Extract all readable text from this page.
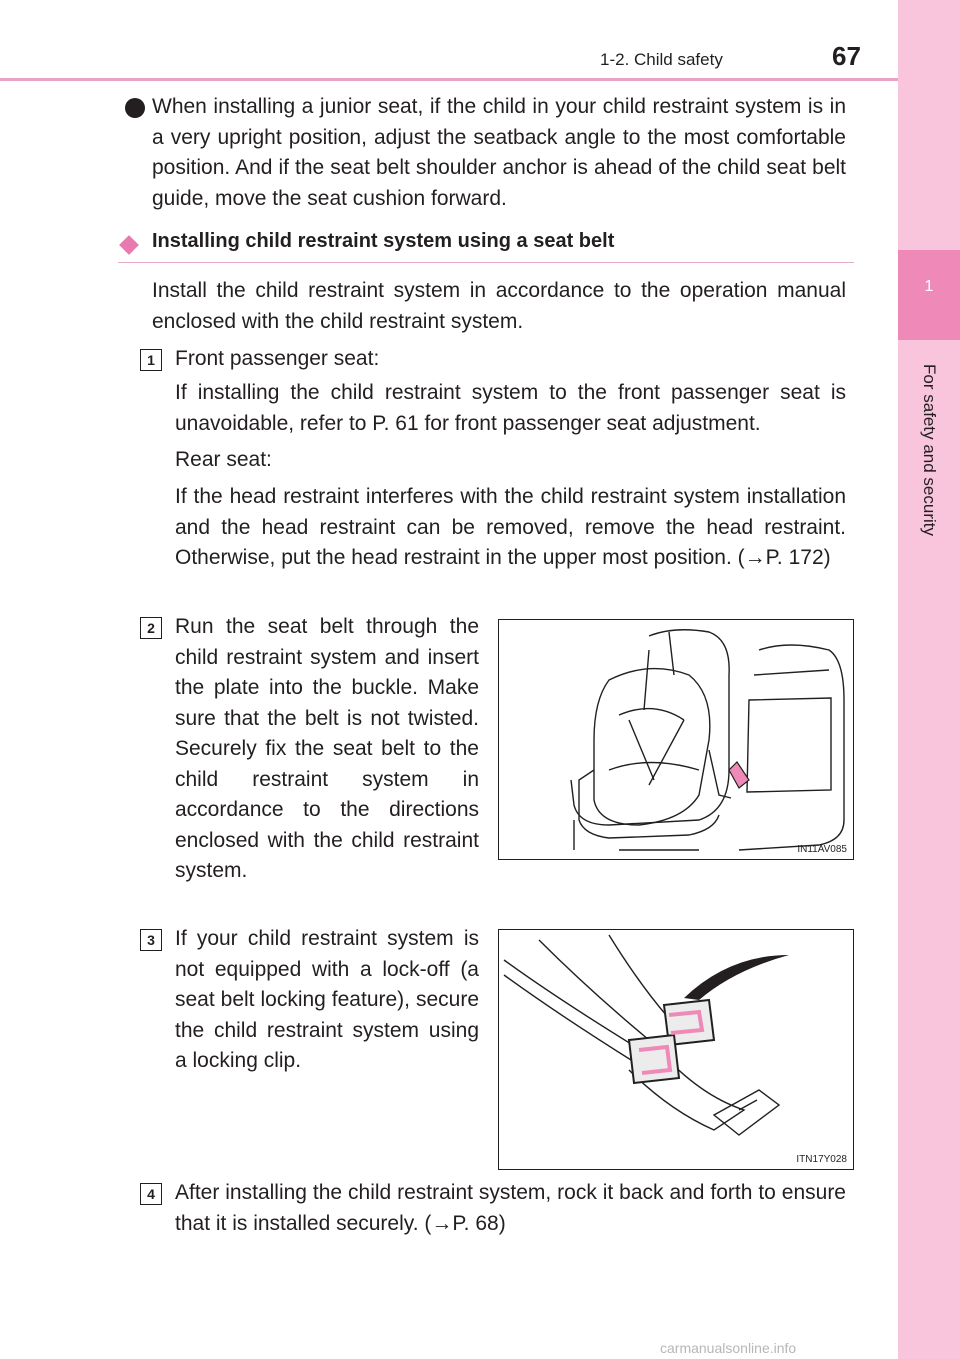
1-2. Child safety	67
1
For safety and security
When installing a junior seat, if the child in your child restraint system is in a very upright position, adjust the seatback angle to the most comfortable position. And if the seat belt shoulder anchor is ahead of the child seat belt guide, move the seat cushion forward.
Installing child restraint system using a seat belt
Install the child restraint system in accordance to the operation manual enclosed with the child restraint system.
1 Front passenger seat:
If installing the child restraint system to the front passenger seat is unavoidable, refer to P. 61 for front passenger seat adjustment.
Rear seat:
If the head restraint interferes with the child restraint system installation and the head restraint can be removed, remove the head restraint. Otherwise, put the head restraint in the upper most position. (→P. 172)
2 Run the seat belt through the child restraint system and insert the plate into the buckle. Make sure that the belt is not twisted. Securely fix the seat belt to the child restraint system in accordance to the directions enclosed with the child restraint system.
IN11AV085
3 If your child restraint system is not equipped with a lock-off (a seat belt locking feature), secure the child restraint system using a locking clip.
ITN17Y028
4 After installing the child restraint system, rock it back and forth to ensure that it is installed securely. (→P. 68)
carmanualsonline.info
